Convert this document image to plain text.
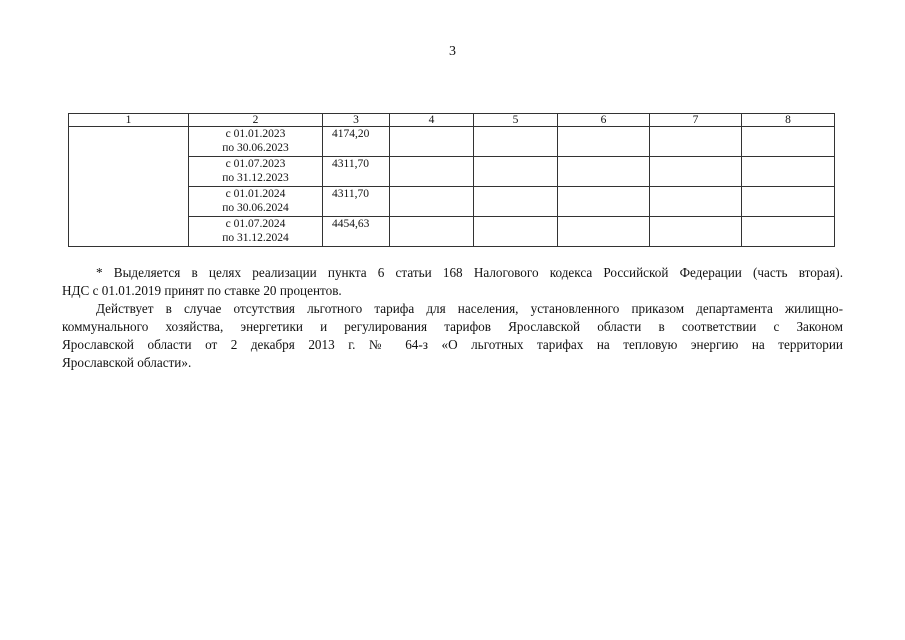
3
1	2	3	4	5	6	7	8

	с 01.01.2023
по 30.06.2023	4174,20					

	с 01.07.2023
по 31.12.2023	4311,70					

	с 01.01.2024
по 30.06.2024	4311,70					

	с 01.07.2024
по 31.12.2024	4454,63					

* Выделяется в целях реализации пункта 6 статьи 168 Налогового кодекса Российской Федерации (часть вторая).

НДС с 01.01.2019 принят по ставке 20 процентов.

Действует в случае отсутствия льготного тарифа для населения, установленного приказом департамента жилищно-

коммунального хозяйства, энергетики и регулирования тарифов Ярославской области в соответствии с Законом

Ярославской области от 2 декабря 2013 г. № 64-з «О льготных тарифах на тепловую энергию на территории

Ярославской области».
